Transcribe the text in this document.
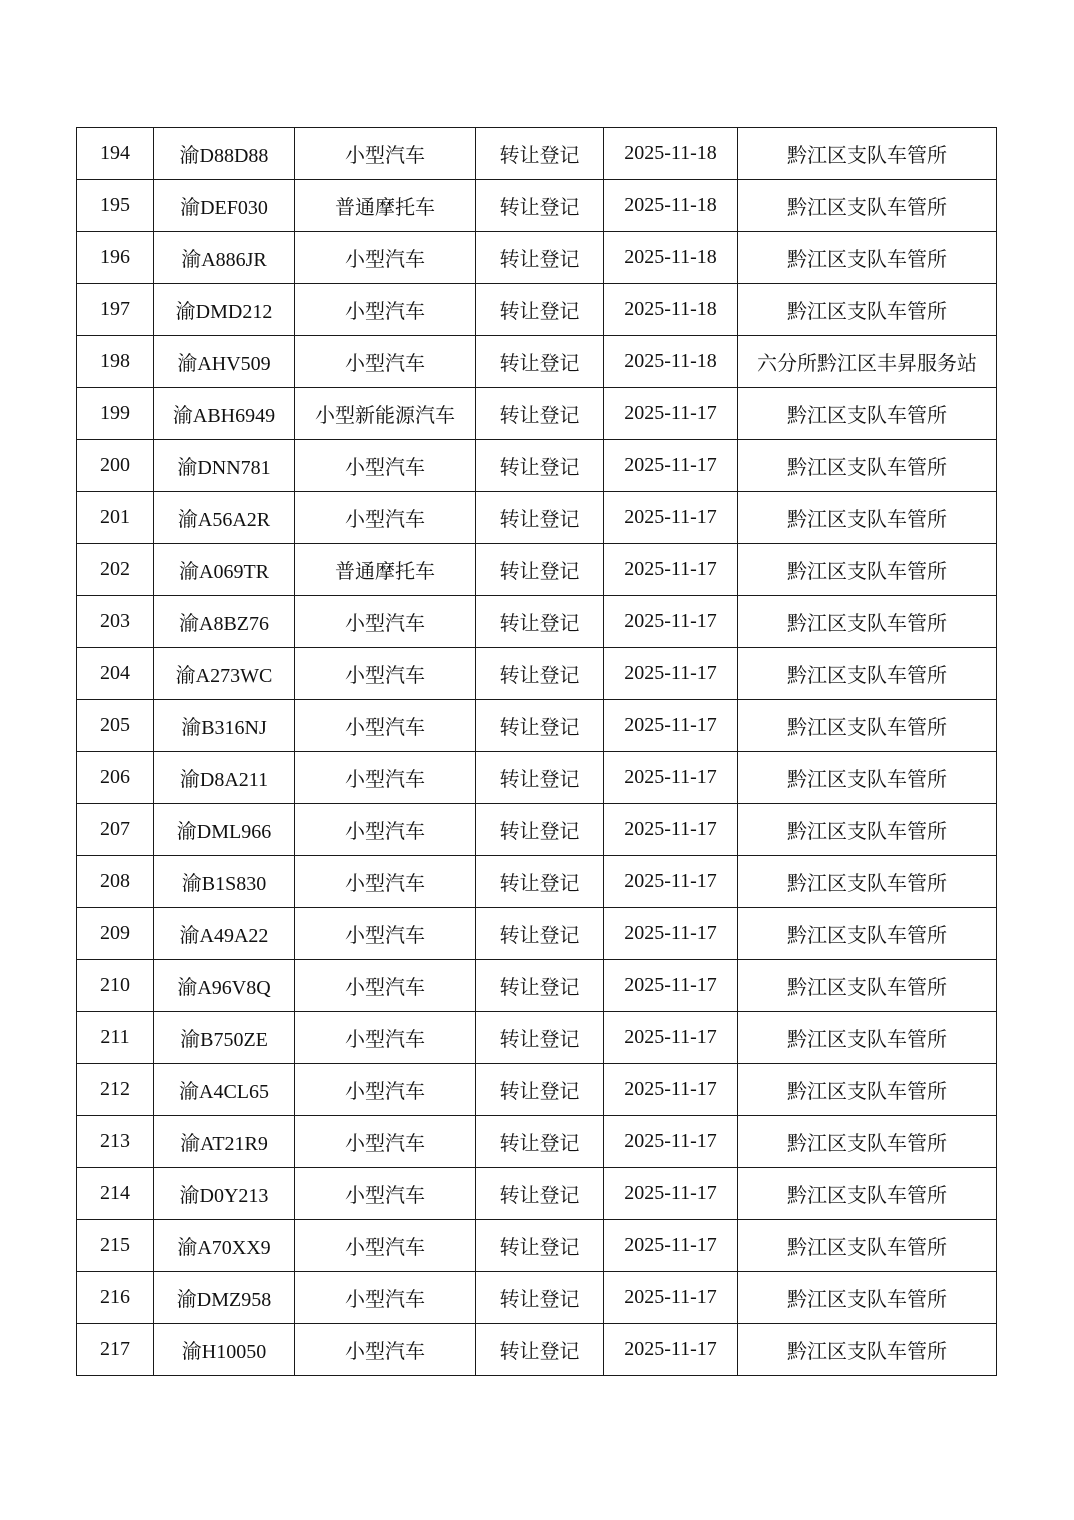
194	渝D88D88	小型汽车	转让登记	2025-11-18	黔江区支队车管所
195	渝DEF030	普通摩托车	转让登记	2025-11-18	黔江区支队车管所
196	渝A886JR	小型汽车	转让登记	2025-11-18	黔江区支队车管所
197	渝DMD212	小型汽车	转让登记	2025-11-18	黔江区支队车管所
198	渝AHV509	小型汽车	转让登记	2025-11-18	六分所黔江区丰昇服务站
199	渝ABH6949	小型新能源汽车	转让登记	2025-11-17	黔江区支队车管所
200	渝DNN781	小型汽车	转让登记	2025-11-17	黔江区支队车管所
201	渝A56A2R	小型汽车	转让登记	2025-11-17	黔江区支队车管所
202	渝A069TR	普通摩托车	转让登记	2025-11-17	黔江区支队车管所
203	渝A8BZ76	小型汽车	转让登记	2025-11-17	黔江区支队车管所
204	渝A273WC	小型汽车	转让登记	2025-11-17	黔江区支队车管所
205	渝B316NJ	小型汽车	转让登记	2025-11-17	黔江区支队车管所
206	渝D8A211	小型汽车	转让登记	2025-11-17	黔江区支队车管所
207	渝DML966	小型汽车	转让登记	2025-11-17	黔江区支队车管所
208	渝B1S830	小型汽车	转让登记	2025-11-17	黔江区支队车管所
209	渝A49A22	小型汽车	转让登记	2025-11-17	黔江区支队车管所
210	渝A96V8Q	小型汽车	转让登记	2025-11-17	黔江区支队车管所
211	渝B750ZE	小型汽车	转让登记	2025-11-17	黔江区支队车管所
212	渝A4CL65	小型汽车	转让登记	2025-11-17	黔江区支队车管所
213	渝AT21R9	小型汽车	转让登记	2025-11-17	黔江区支队车管所
214	渝D0Y213	小型汽车	转让登记	2025-11-17	黔江区支队车管所
215	渝A70XX9	小型汽车	转让登记	2025-11-17	黔江区支队车管所
216	渝DMZ958	小型汽车	转让登记	2025-11-17	黔江区支队车管所
217	渝H10050	小型汽车	转让登记	2025-11-17	黔江区支队车管所
